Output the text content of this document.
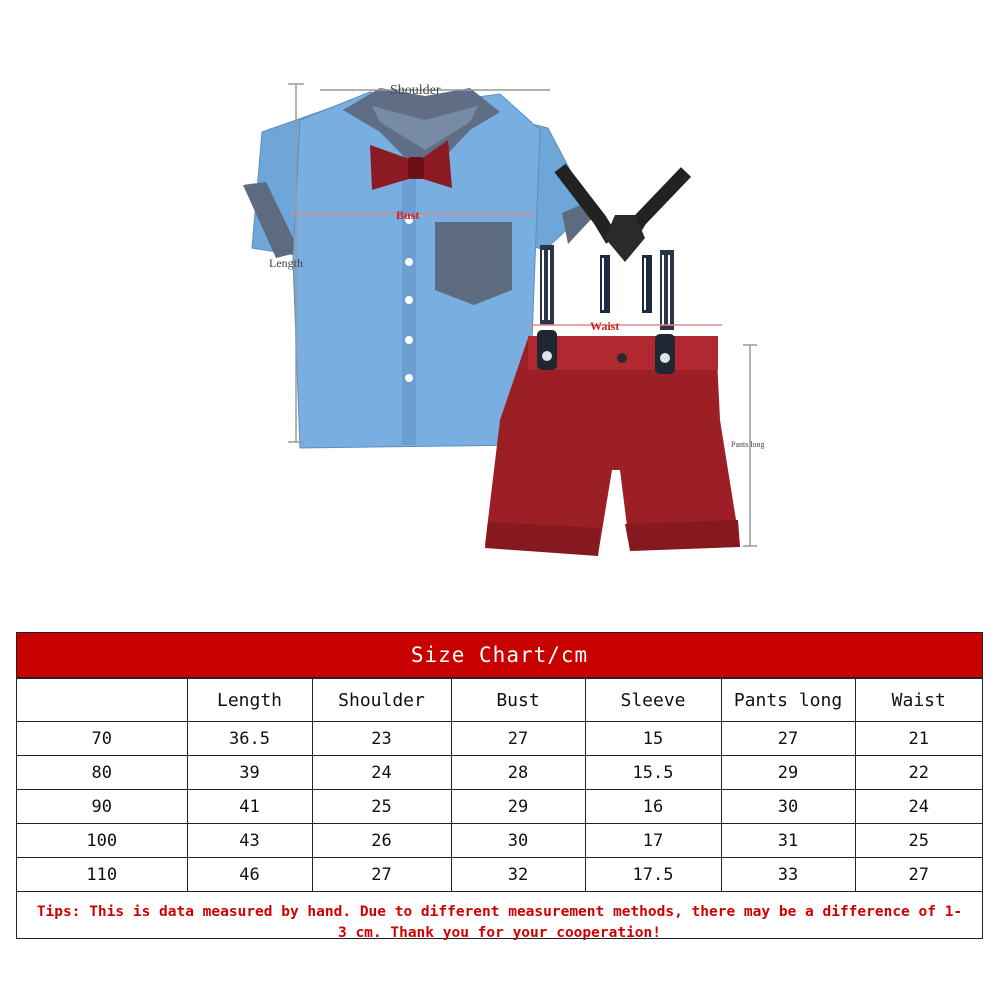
Shoulder
Bust
Length
Waist
Pants long
Size Chart/cm
	Length	Shoulder	Bust	Sleeve	Pants long	Waist
70	36.5	23	27	15	27	21
80	39	24	28	15.5	29	22
90	41	25	29	16	30	24
100	43	26	30	17	31	25
110	46	27	32	17.5	33	27
Tips: This is data measured by hand. Due to different measurement methods, there may be a difference of 1-3 cm. Thank you for your cooperation!
